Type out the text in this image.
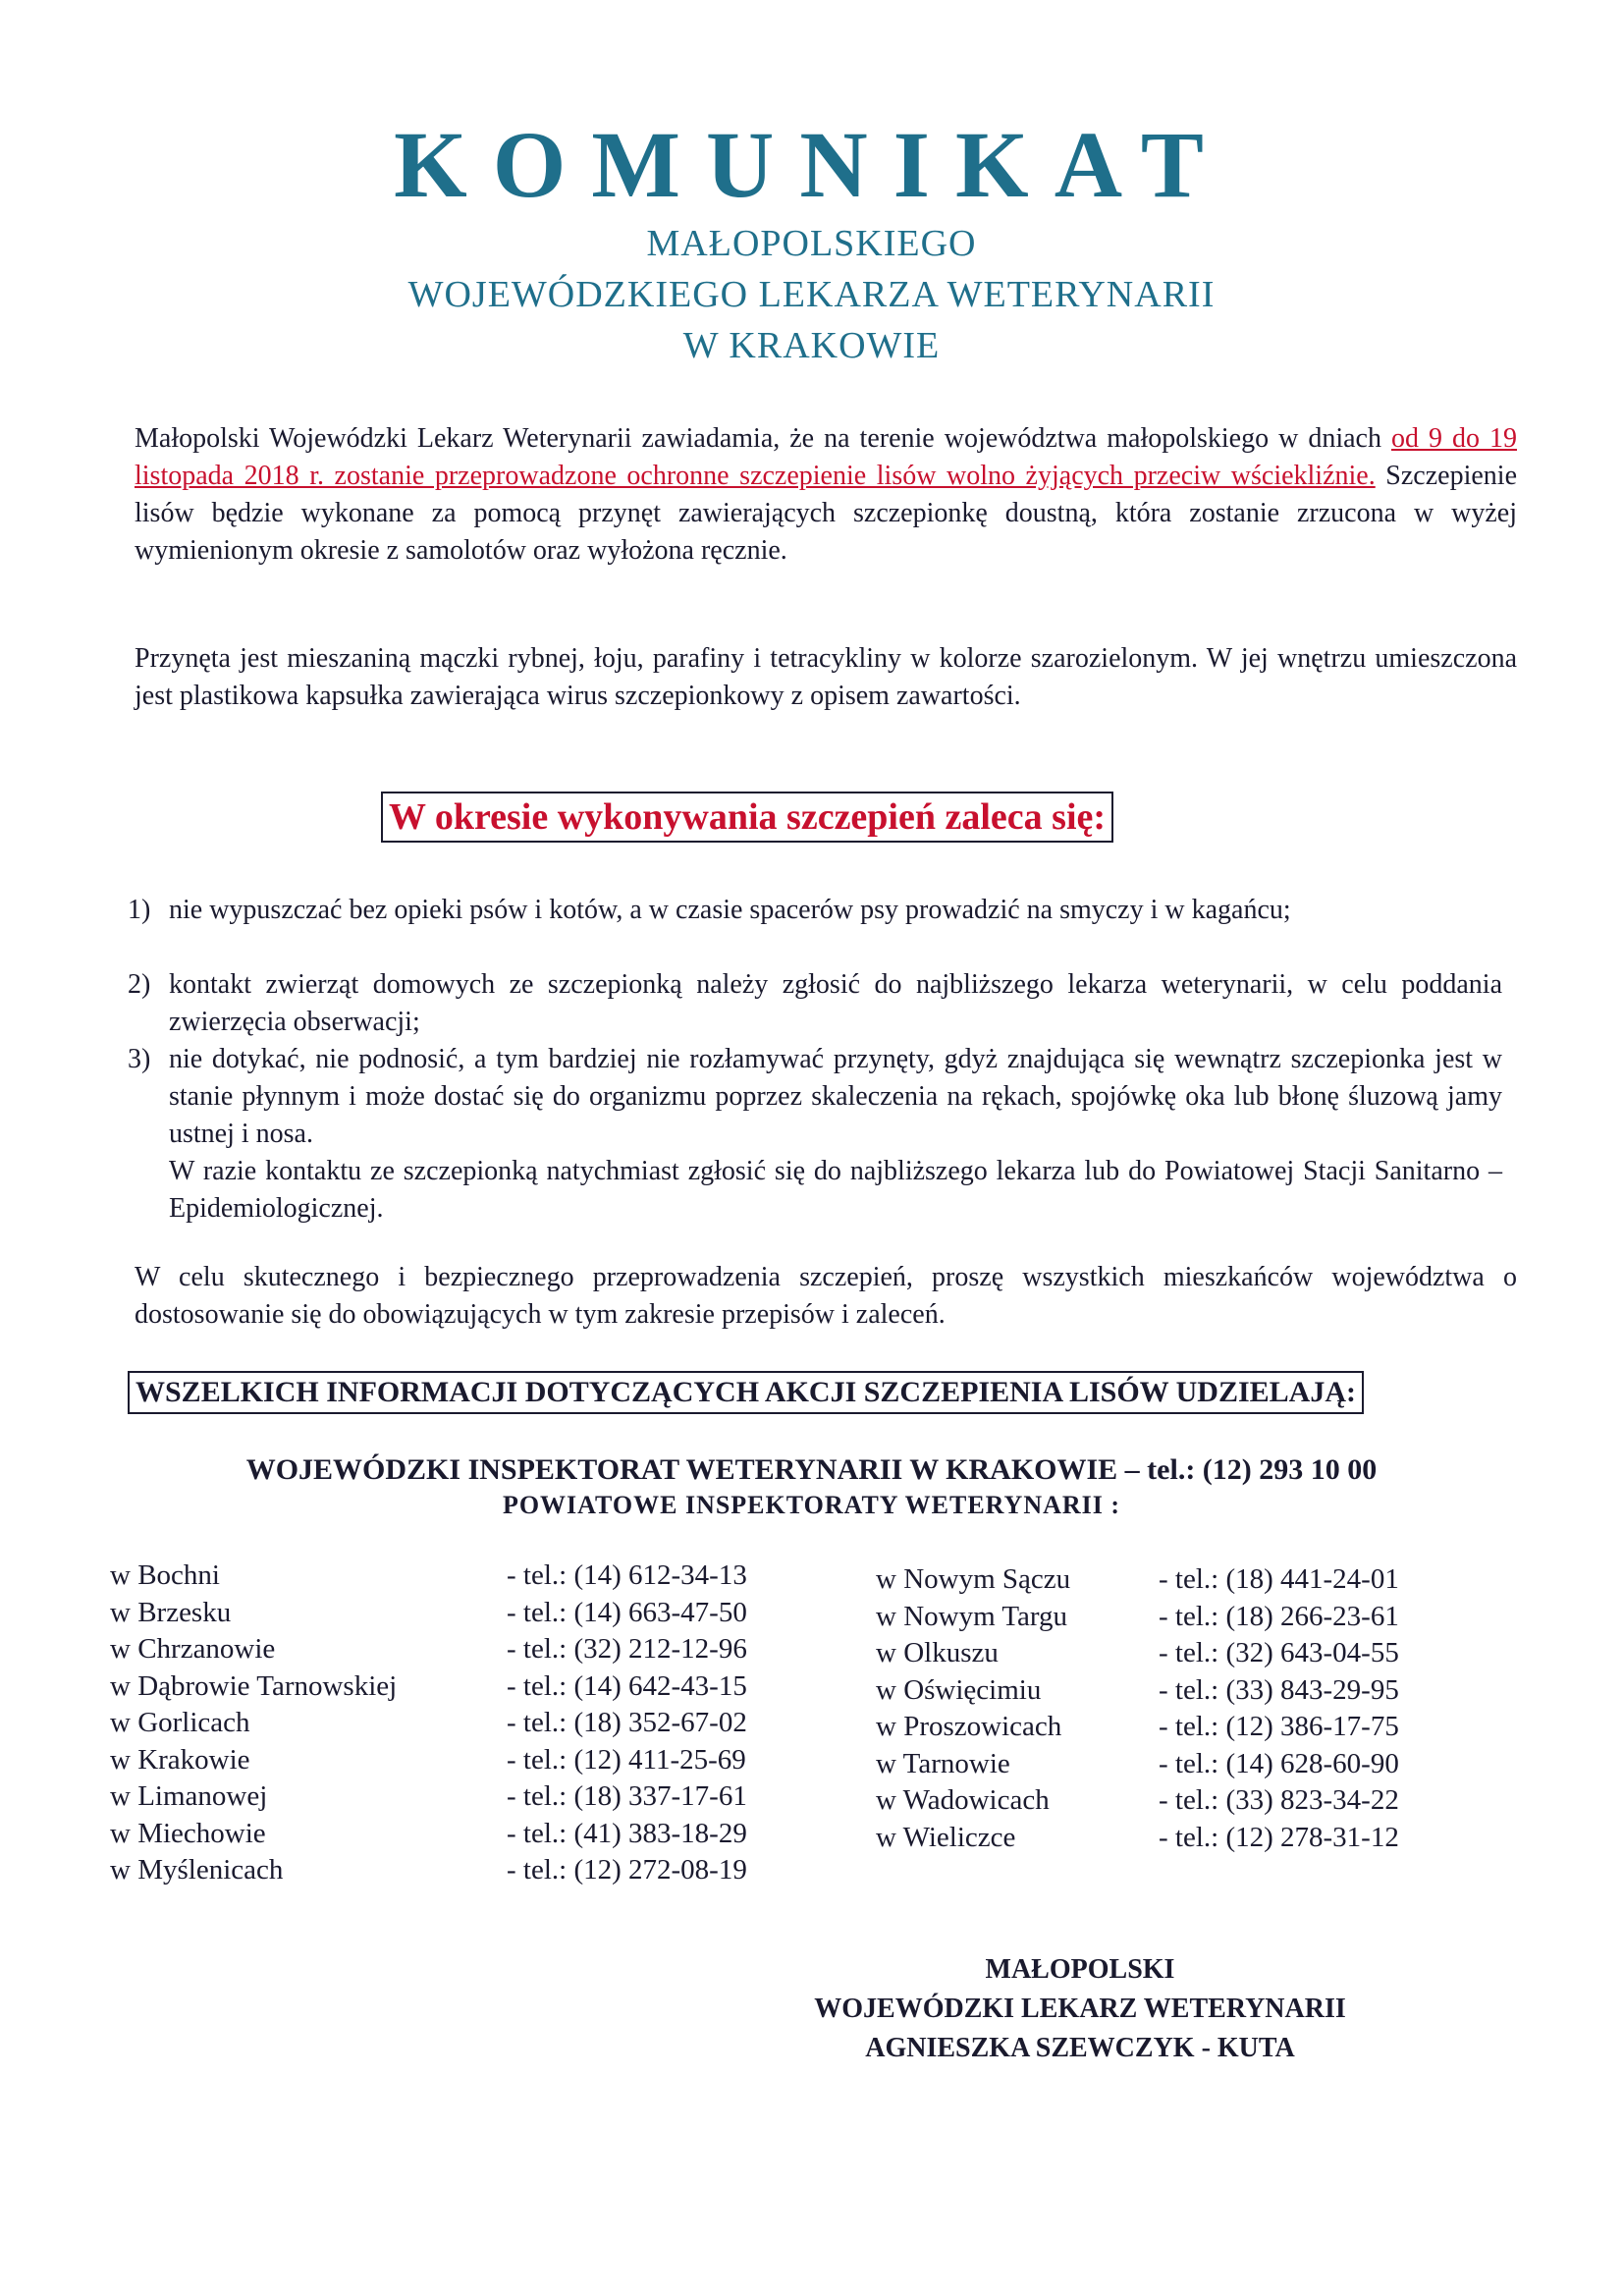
KOMUNIKAT
MAŁOPOLSKIEGO
WOJEWÓDZKIEGO LEKARZA WETERYNARII
W KRAKOWIE
Małopolski Wojewódzki Lekarz Weterynarii zawiadamia, że na terenie województwa małopolskiego w dniach od 9 do 19 listopada 2018 r. zostanie przeprowadzone ochronne szczepienie lisów wolno żyjących przeciw wściekliźnie. Szczepienie lisów będzie wykonane za pomocą przynęt zawierających szczepionkę doustną, która zostanie zrzucona w wyżej wymienionym okresie z samolotów oraz wyłożona ręcznie.
Przynęta jest mieszaniną mączki rybnej, łoju, parafiny i tetracykliny w kolorze szarozielonym. W jej wnętrzu umieszczona jest plastikowa kapsułka zawierająca wirus szczepionkowy z opisem zawartości.
W okresie wykonywania szczepień zaleca się:
1) nie wypuszczać bez opieki psów i kotów, a w czasie spacerów psy prowadzić na smyczy i w kagańcu;
2) kontakt zwierząt domowych ze szczepionką należy zgłosić do najbliższego lekarza weterynarii, w celu poddania zwierzęcia obserwacji;
3) nie dotykać, nie podnosić, a tym bardziej nie rozłamywać przynęty, gdyż znajdująca się wewnątrz szczepionka jest w stanie płynnym i może dostać się do organizmu poprzez skaleczenia na rękach, spojówkę oka lub błonę śluzową jamy ustnej i nosa.
W razie kontaktu ze szczepionką natychmiast zgłosić się do najbliższego lekarza lub do Powiatowej Stacji Sanitarno – Epidemiologicznej.
W celu skutecznego i bezpiecznego przeprowadzenia szczepień, proszę wszystkich mieszkańców województwa o dostosowanie się do obowiązujących w tym zakresie przepisów i zaleceń.
WSZELKICH INFORMACJI DOTYCZĄCYCH AKCJI SZCZEPIENIA LISÓW UDZIELAJĄ:
WOJEWÓDZKI INSPEKTORAT WETERYNARII W KRAKOWIE – tel.: (12) 293 10 00
POWIATOWE INSPEKTORATY WETERYNARII :
w Bochni	- tel.: (14) 612-34-13
w Brzesku	- tel.: (14) 663-47-50
w Chrzanowie	- tel.: (32) 212-12-96
w Dąbrowie Tarnowskiej	- tel.: (14) 642-43-15
w Gorlicach	- tel.: (18) 352-67-02
w Krakowie	- tel.: (12) 411-25-69
w Limanowej	- tel.: (18) 337-17-61
w Miechowie	- tel.: (41) 383-18-29
w Myślenicach	- tel.: (12) 272-08-19
w Nowym Sączu	- tel.: (18) 441-24-01
w Nowym Targu	- tel.: (18) 266-23-61
w Olkuszu	- tel.: (32) 643-04-55
w Oświęcimiu	- tel.: (33) 843-29-95
w Proszowicach	- tel.: (12) 386-17-75
w Tarnowie	- tel.: (14) 628-60-90
w Wadowicach	- tel.: (33) 823-34-22
w Wieliczce	- tel.: (12) 278-31-12
MAŁOPOLSKI
WOJEWÓDZKI LEKARZ WETERYNARII
AGNIESZKA SZEWCZYK - KUTA
